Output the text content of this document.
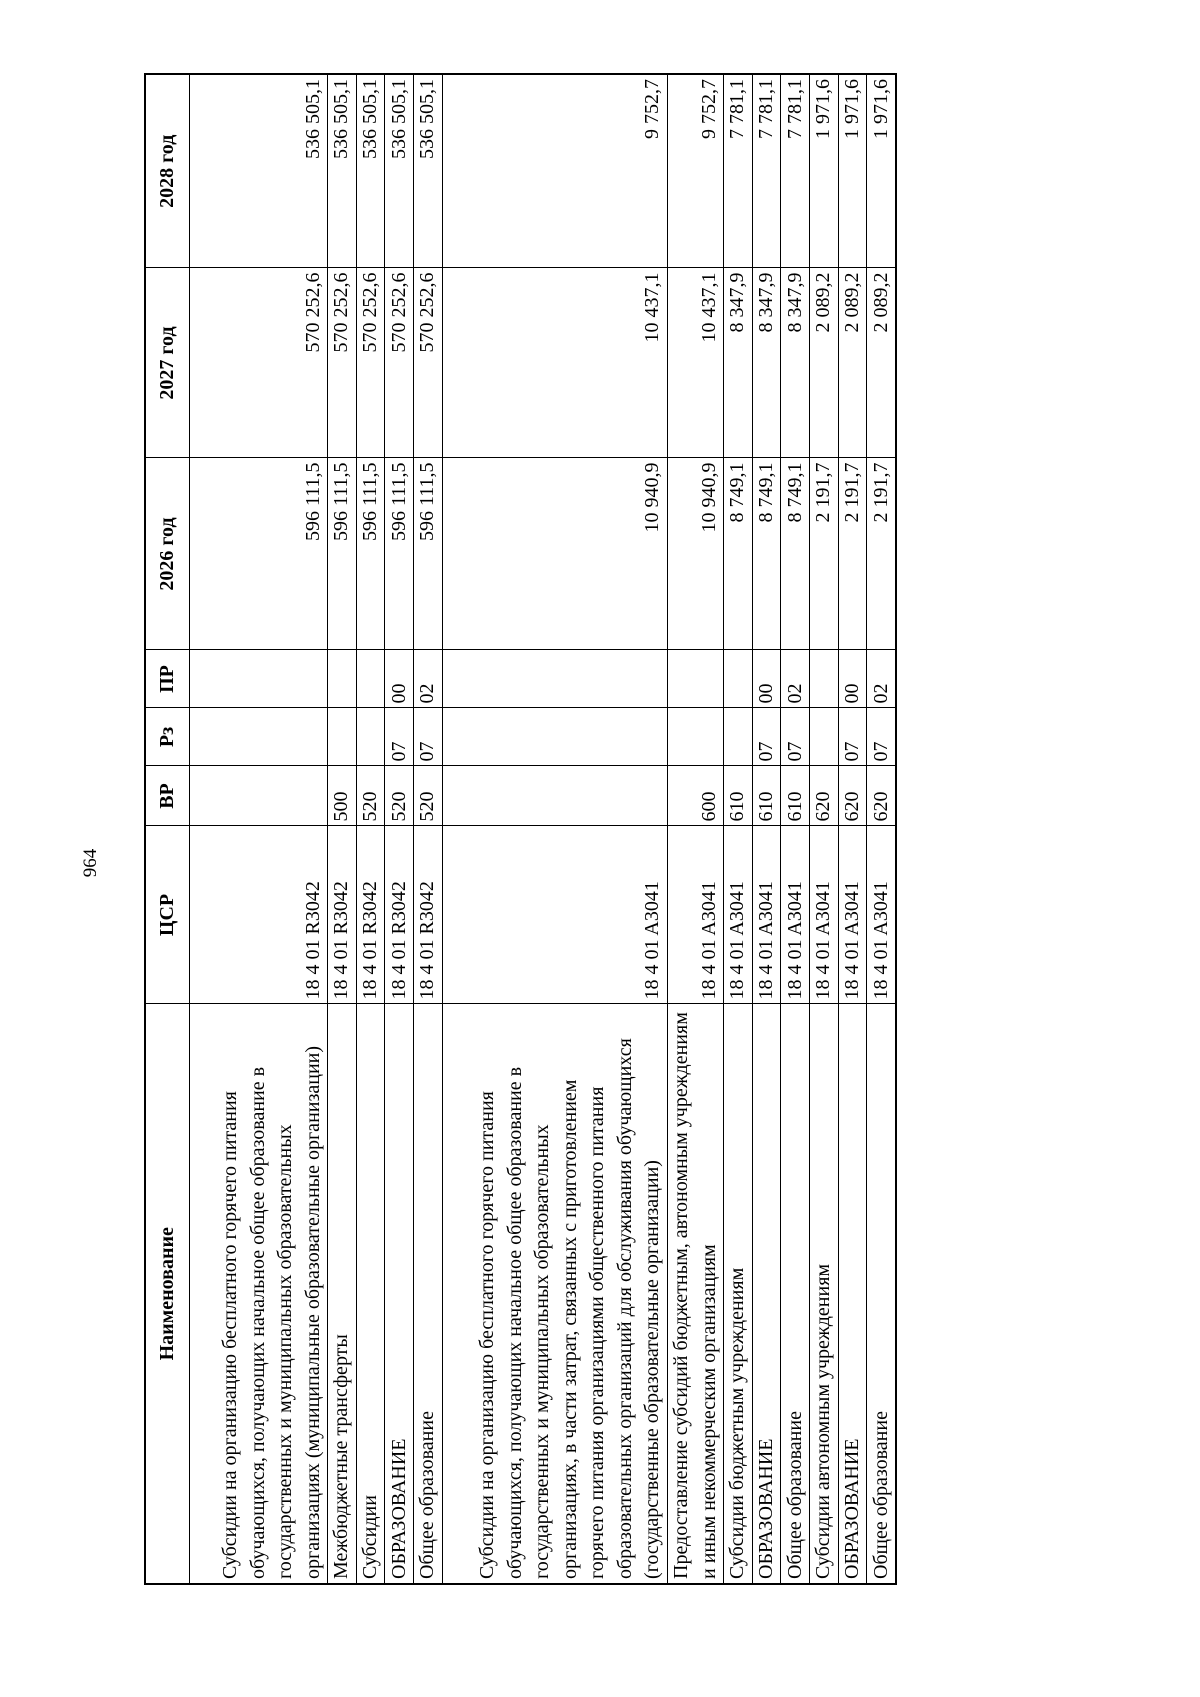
964
Наименование	ЦСР	ВР	Рз	ПР	2026 год	2027 год	2028 год
Субсидии на организацию бесплатного горячего питания обучающихся, получающих начальное общее образование в государственных и муниципальных образовательных организациях (муниципальные образовательные организации)	18 4 01 R3042				596 111,5	570 252,6	536 505,1
Межбюджетные трансферты	18 4 01 R3042	500			596 111,5	570 252,6	536 505,1
Субсидии	18 4 01 R3042	520			596 111,5	570 252,6	536 505,1
ОБРАЗОВАНИЕ	18 4 01 R3042	520	07	00	596 111,5	570 252,6	536 505,1
Общее образование	18 4 01 R3042	520	07	02	596 111,5	570 252,6	536 505,1
Субсидии на организацию бесплатного горячего питания обучающихся, получающих начальное общее образование в государственных и муниципальных образовательных организациях, в части затрат, связанных с приготовлением горячего питания организациями общественного питания образовательных организаций для обслуживания обучающихся (государственные образовательные организации)	18 4 01 A3041				10 940,9	10 437,1	9 752,7
Предоставление субсидий бюджетным, автономным учреждениям и иным некоммерческим организациям	18 4 01 A3041	600			10 940,9	10 437,1	9 752,7
Субсидии бюджетным учреждениям	18 4 01 A3041	610			8 749,1	8 347,9	7 781,1
ОБРАЗОВАНИЕ	18 4 01 A3041	610	07	00	8 749,1	8 347,9	7 781,1
Общее образование	18 4 01 A3041	610	07	02	8 749,1	8 347,9	7 781,1
Субсидии автономным учреждениям	18 4 01 A3041	620			2 191,7	2 089,2	1 971,6
ОБРАЗОВАНИЕ	18 4 01 A3041	620	07	00	2 191,7	2 089,2	1 971,6
Общее образование	18 4 01 A3041	620	07	02	2 191,7	2 089,2	1 971,6
